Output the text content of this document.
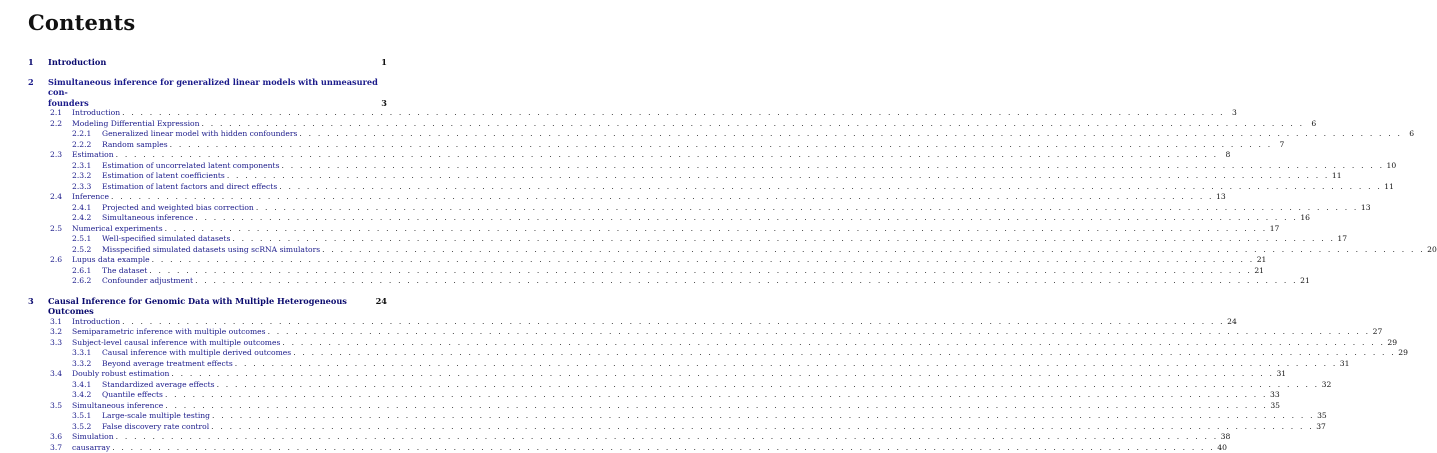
Contents
1	Introduction	1
2	Simultaneous inference for generalized linear models with unmeasured con-
founders	3
2.1	Introduction . . . . . . . . . . . . . . . . . . . . . . . . . . . . . . . . . . . . . . . . . . . . . . . . . . . . . . . . . . . . . . . . . . . . . . . . . . . . . . . . . . . . . . . . . . . . . . . . . . . . . . . . . . . . . . . . . . . . . . . . 3
2.2	Modeling Differential Expression . . . . . . . . . . . . . . . . . . . . . . . . . . . . . . . . . . . . . . . . . . . . . . . . . . . . . . . . . . . . . . . . . . . . . . . . . . . . . . . . . . . . . . . . . . . . . . . . . . . . . . . . . . . . . . . . . . . . . . . . 6
2.2.1	Generalized linear model with hidden confounders . . . . . . . . . . . . . . . . . . . . . . . . . . . . . . . . . . . . . . . . . . . . . . . . . . . . . . . . . . . . . . . . . . . . . . . . . . . . . . . . . . . . . . . . . . . . . . . . . . . . . . . . . . . . . . . . . . . . . . . . 6
2.2.2	Random samples . . . . . . . . . . . . . . . . . . . . . . . . . . . . . . . . . . . . . . . . . . . . . . . . . . . . . . . . . . . . . . . . . . . . . . . . . . . . . . . . . . . . . . . . . . . . . . . . . . . . . . . . . . . . . . . . . . . . . . . . 7
2.3	Estimation . . . . . . . . . . . . . . . . . . . . . . . . . . . . . . . . . . . . . . . . . . . . . . . . . . . . . . . . . . . . . . . . . . . . . . . . . . . . . . . . . . . . . . . . . . . . . . . . . . . . . . . . . . . . . . . . . . . . . . . . 8
2.3.1	Estimation of uncorrelated latent components . . . . . . . . . . . . . . . . . . . . . . . . . . . . . . . . . . . . . . . . . . . . . . . . . . . . . . . . . . . . . . . . . . . . . . . . . . . . . . . . . . . . . . . . . . . . . . . . . . . . . . . . . . . . . . . . . . . . . . . . 10
2.3.2	Estimation of latent coefficients . . . . . . . . . . . . . . . . . . . . . . . . . . . . . . . . . . . . . . . . . . . . . . . . . . . . . . . . . . . . . . . . . . . . . . . . . . . . . . . . . . . . . . . . . . . . . . . . . . . . . . . . . . . . . . . . . . . . . . . . 11
2.3.3	Estimation of latent factors and direct effects . . . . . . . . . . . . . . . . . . . . . . . . . . . . . . . . . . . . . . . . . . . . . . . . . . . . . . . . . . . . . . . . . . . . . . . . . . . . . . . . . . . . . . . . . . . . . . . . . . . . . . . . . . . . . . . . . . . . . . . . 11
2.4	Inference . . . . . . . . . . . . . . . . . . . . . . . . . . . . . . . . . . . . . . . . . . . . . . . . . . . . . . . . . . . . . . . . . . . . . . . . . . . . . . . . . . . . . . . . . . . . . . . . . . . . . . . . . . . . . . . . . . . . . . . . 13
2.4.1	Projected and weighted bias correction . . . . . . . . . . . . . . . . . . . . . . . . . . . . . . . . . . . . . . . . . . . . . . . . . . . . . . . . . . . . . . . . . . . . . . . . . . . . . . . . . . . . . . . . . . . . . . . . . . . . . . . . . . . . . . . . . . . . . . . . 13
2.4.2	Simultaneous inference . . . . . . . . . . . . . . . . . . . . . . . . . . . . . . . . . . . . . . . . . . . . . . . . . . . . . . . . . . . . . . . . . . . . . . . . . . . . . . . . . . . . . . . . . . . . . . . . . . . . . . . . . . . . . . . . . . . . . . . . 16
2.5	Numerical experiments . . . . . . . . . . . . . . . . . . . . . . . . . . . . . . . . . . . . . . . . . . . . . . . . . . . . . . . . . . . . . . . . . . . . . . . . . . . . . . . . . . . . . . . . . . . . . . . . . . . . . . . . . . . . . . . . . . . . . . . . 17
2.5.1	Well-specified simulated datasets . . . . . . . . . . . . . . . . . . . . . . . . . . . . . . . . . . . . . . . . . . . . . . . . . . . . . . . . . . . . . . . . . . . . . . . . . . . . . . . . . . . . . . . . . . . . . . . . . . . . . . . . . . . . . . . . . . . . . . . . 17
2.5.2	Misspecified simulated datasets using scRNA simulators . . . . . . . . . . . . . . . . . . . . . . . . . . . . . . . . . . . . . . . . . . . . . . . . . . . . . . . . . . . . . . . . . . . . . . . . . . . . . . . . . . . . . . . . . . . . . . . . . . . . . . . . . . . . . . . . . . . . . . . . 20
2.6	Lupus data example . . . . . . . . . . . . . . . . . . . . . . . . . . . . . . . . . . . . . . . . . . . . . . . . . . . . . . . . . . . . . . . . . . . . . . . . . . . . . . . . . . . . . . . . . . . . . . . . . . . . . . . . . . . . . . . . . . . . . . . . 21
2.6.1	The dataset . . . . . . . . . . . . . . . . . . . . . . . . . . . . . . . . . . . . . . . . . . . . . . . . . . . . . . . . . . . . . . . . . . . . . . . . . . . . . . . . . . . . . . . . . . . . . . . . . . . . . . . . . . . . . . . . . . . . . . . . 21
2.6.2	Confounder adjustment . . . . . . . . . . . . . . . . . . . . . . . . . . . . . . . . . . . . . . . . . . . . . . . . . . . . . . . . . . . . . . . . . . . . . . . . . . . . . . . . . . . . . . . . . . . . . . . . . . . . . . . . . . . . . . . . . . . . . . . . 21
3	Causal Inference for Genomic Data with Multiple Heterogeneous Outcomes
24
3.1	Introduction . . . . . . . . . . . . . . . . . . . . . . . . . . . . . . . . . . . . . . . . . . . . . . . . . . . . . . . . . . . . . . . . . . . . . . . . . . . . . . . . . . . . . . . . . . . . . . . . . . . . . . . . . . . . . . . . . . . . . . . . 24
3.2	Semiparametric inference with multiple outcomes . . . . . . . . . . . . . . . . . . . . . . . . . . . . . . . . . . . . . . . . . . . . . . . . . . . . . . . . . . . . . . . . . . . . . . . . . . . . . . . . . . . . . . . . . . . . . . . . . . . . . . . . . . . . . . . . . . . . . . . . 27
3.3	Subject-level causal inference with multiple outcomes . . . . . . . . . . . . . . . . . . . . . . . . . . . . . . . . . . . . . . . . . . . . . . . . . . . . . . . . . . . . . . . . . . . . . . . . . . . . . . . . . . . . . . . . . . . . . . . . . . . . . . . . . . . . . . . . . . . . . . . . 29
3.3.1	Causal inference with multiple derived outcomes . . . . . . . . . . . . . . . . . . . . . . . . . . . . . . . . . . . . . . . . . . . . . . . . . . . . . . . . . . . . . . . . . . . . . . . . . . . . . . . . . . . . . . . . . . . . . . . . . . . . . . . . . . . . . . . . . . . . . . . . 29
3.3.2	Beyond average treatment effects . . . . . . . . . . . . . . . . . . . . . . . . . . . . . . . . . . . . . . . . . . . . . . . . . . . . . . . . . . . . . . . . . . . . . . . . . . . . . . . . . . . . . . . . . . . . . . . . . . . . . . . . . . . . . . . . . . . . . . . . 31
3.4	Doubly robust estimation . . . . . . . . . . . . . . . . . . . . . . . . . . . . . . . . . . . . . . . . . . . . . . . . . . . . . . . . . . . . . . . . . . . . . . . . . . . . . . . . . . . . . . . . . . . . . . . . . . . . . . . . . . . . . . . . . . . . . . . . 31
3.4.1	Standardized average effects . . . . . . . . . . . . . . . . . . . . . . . . . . . . . . . . . . . . . . . . . . . . . . . . . . . . . . . . . . . . . . . . . . . . . . . . . . . . . . . . . . . . . . . . . . . . . . . . . . . . . . . . . . . . . . . . . . . . . . . . 32
3.4.2	Quantile effects . . . . . . . . . . . . . . . . . . . . . . . . . . . . . . . . . . . . . . . . . . . . . . . . . . . . . . . . . . . . . . . . . . . . . . . . . . . . . . . . . . . . . . . . . . . . . . . . . . . . . . . . . . . . . . . . . . . . . . . . 33
3.5	Simultaneous inference . . . . . . . . . . . . . . . . . . . . . . . . . . . . . . . . . . . . . . . . . . . . . . . . . . . . . . . . . . . . . . . . . . . . . . . . . . . . . . . . . . . . . . . . . . . . . . . . . . . . . . . . . . . . . . . . . . . . . . . . 35
3.5.1	Large-scale multiple testing . . . . . . . . . . . . . . . . . . . . . . . . . . . . . . . . . . . . . . . . . . . . . . . . . . . . . . . . . . . . . . . . . . . . . . . . . . . . . . . . . . . . . . . . . . . . . . . . . . . . . . . . . . . . . . . . . . . . . . . . 35
3.5.2	False discovery rate control . . . . . . . . . . . . . . . . . . . . . . . . . . . . . . . . . . . . . . . . . . . . . . . . . . . . . . . . . . . . . . . . . . . . . . . . . . . . . . . . . . . . . . . . . . . . . . . . . . . . . . . . . . . . . . . . . . . . . . . . 37
3.6	Simulation . . . . . . . . . . . . . . . . . . . . . . . . . . . . . . . . . . . . . . . . . . . . . . . . . . . . . . . . . . . . . . . . . . . . . . . . . . . . . . . . . . . . . . . . . . . . . . . . . . . . . . . . . . . . . . . . . . . . . . . . 38
3.7	causarray . . . . . . . . . . . . . . . . . . . . . . . . . . . . . . . . . . . . . . . . . . . . . . . . . . . . . . . . . . . . . . . . . . . . . . . . . . . . . . . . . . . . . . . . . . . . . . . . . . . . . . . . . . . . . . . . . . . . . . . . 40
